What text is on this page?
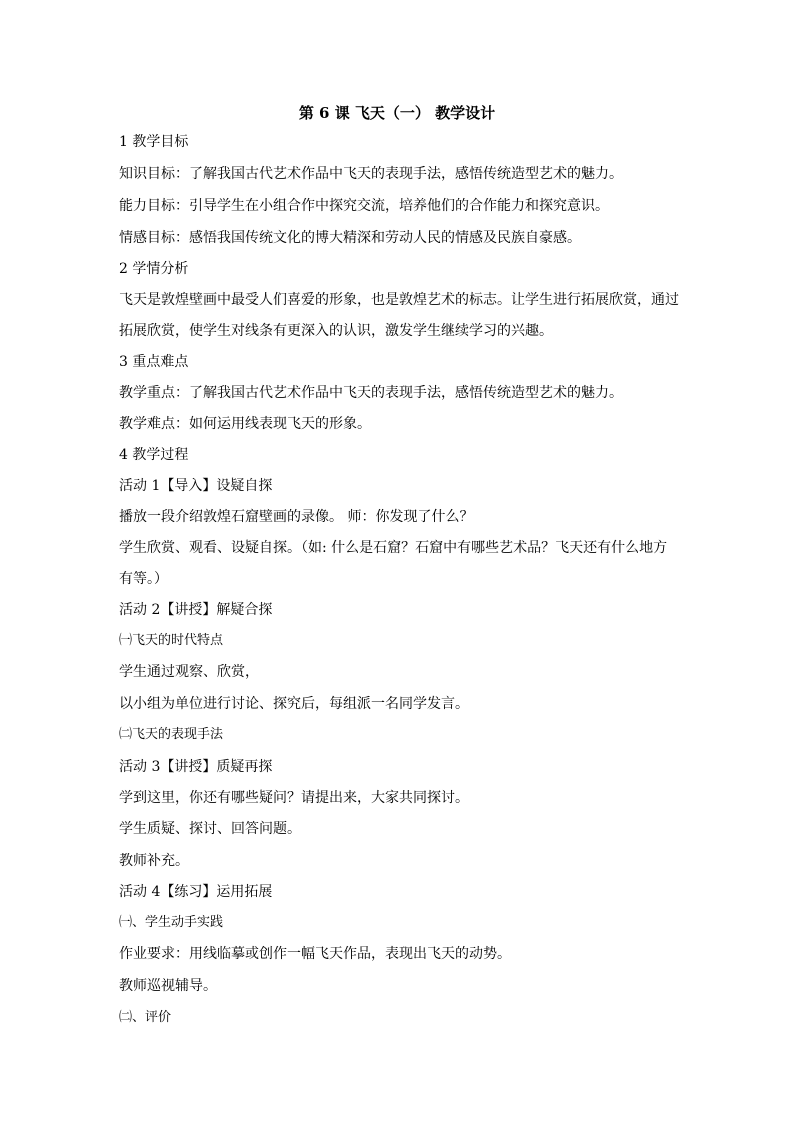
第 6 课 飞天（一） 教学设计
1 教学目标
知识目标：了解我国古代艺术作品中飞天的表现手法，感悟传统造型艺术的魅力。
能力目标：引导学生在小组合作中探究交流，培养他们的合作能力和探究意识。
情感目标：感悟我国传统文化的博大精深和劳动人民的情感及民族自豪感。
2 学情分析
飞天是敦煌壁画中最受人们喜爱的形象，也是敦煌艺术的标志。让学生进行拓展欣赏，通过
拓展欣赏，使学生对线条有更深入的认识，激发学生继续学习的兴趣。
3 重点难点
教学重点：了解我国古代艺术作品中飞天的表现手法，感悟传统造型艺术的魅力。
教学难点：如何运用线表现飞天的形象。
4 教学过程
活动 1【导入】设疑自探
播放一段介绍敦煌石窟壁画的录像。 师：你发现了什么？
学生欣赏、观看、设疑自探。（如: 什么是石窟？石窟中有哪些艺术品？飞天还有什么地方
有等。）
活动 2【讲授】解疑合探
㈠飞天的时代特点
学生通过观察、欣赏，
以小组为单位进行讨论、探究后，每组派一名同学发言。
㈡飞天的表现手法
活动 3【讲授】质疑再探
学到这里，你还有哪些疑问？请提出来，大家共同探讨。
学生质疑、探讨、回答问题。
教师补充。
活动 4【练习】运用拓展
㈠、学生动手实践
作业要求：用线临摹或创作一幅飞天作品，表现出飞天的动势。
教师巡视辅导。
㈡、评价
